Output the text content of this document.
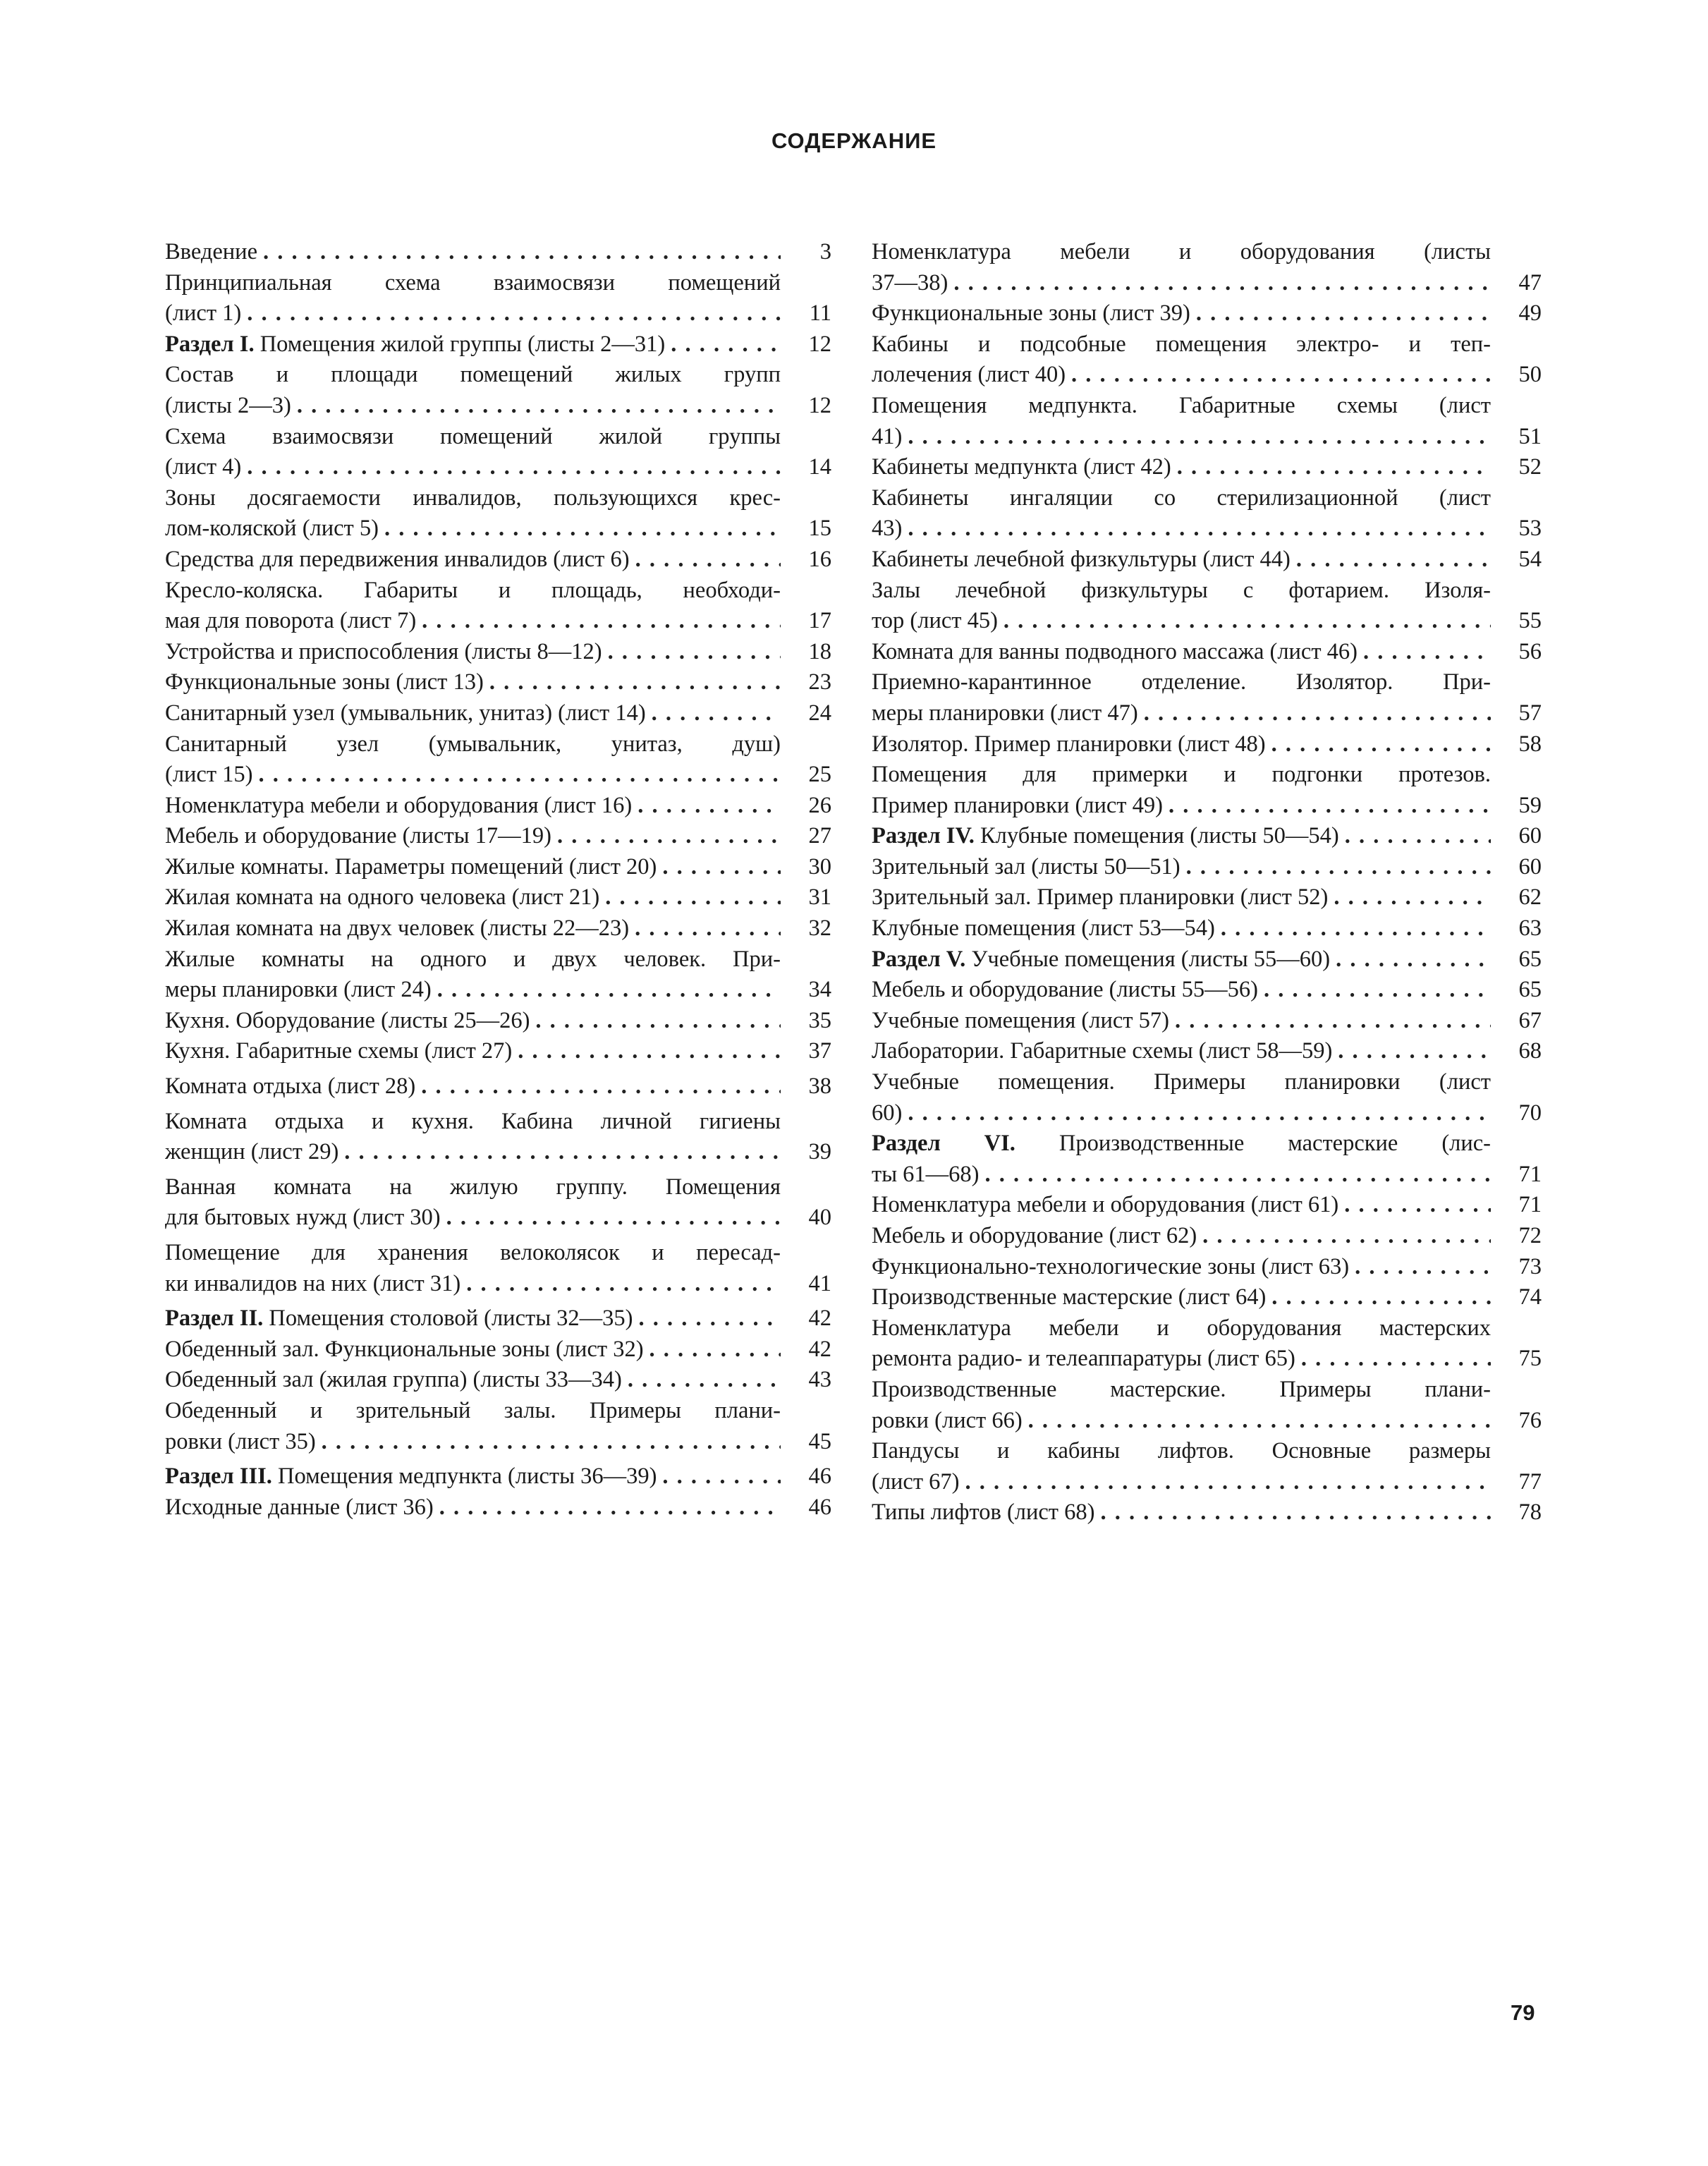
СОДЕРЖАНИЕ
Введение . . .	3
Принципиальная схема взаимосвязи помещений
(лист 1) . . .	11
Раздел I. Помещения жилой группы (листы 2—31) . . .	12
Состав и площади помещений жилых групп
(листы 2—3) . . .	12
Схема взаимосвязи помещений жилой группы
(лист 4) . . .	14
Зоны досягаемости инвалидов, пользующихся крес-
лом-коляской (лист 5) . . .	15
Средства для передвижения инвалидов (лист 6) . . .	16
Кресло-коляска. Габариты и площадь, необходи-
мая для поворота (лист 7) . . .	17
Устройства и приспособления (листы 8—12) . . .	18
Функциональные зоны (лист 13) . . .	23
Санитарный узел (умывальник, унитаз) (лист 14) . . .	24
Санитарный узел (умывальник, унитаз, душ)
(лист 15) . . .	25
Номенклатура мебели и оборудования (лист 16) . . .	26
Мебель и оборудование (листы 17—19) . . .	27
Жилые комнаты. Параметры помещений (лист 20) . . .	30
Жилая комната на одного человека (лист 21) . . .	31
Жилая комната на двух человек (листы 22—23) . . .	32
Жилые комнаты на одного и двух человек. При-
меры планировки (лист 24) . . .	34
Кухня. Оборудование (листы 25—26) . . .	35
Кухня. Габаритные схемы (лист 27) . . .	37
Комната отдыха (лист 28) . . .	38
Комната отдыха и кухня. Кабина личной гигиены
женщин (лист 29) . . .	39
Ванная комната на жилую группу. Помещения
для бытовых нужд (лист 30) . . .	40
Помещение для хранения велоколясок и пересад-
ки инвалидов на них (лист 31) . . .	41
Раздел II. Помещения столовой (листы 32—35) . . .	42
Обеденный зал. Функциональные зоны (лист 32) . . .	42
Обеденный зал (жилая группа) (листы 33—34) . . .	43
Обеденный и зрительный залы. Примеры плани-
ровки (лист 35) . . .	45
Раздел III. Помещения медпункта (листы 36—39) . . .	46
Исходные данные (лист 36) . . .	46
Номенклатура мебели и оборудования (листы
37—38) . . .	47
Функциональные зоны (лист 39) . . .	49
Кабины и подсобные помещения электро- и теп-
лолечения (лист 40) . . .	50
Помещения медпункта. Габаритные схемы (лист
41) . . .	51
Кабинеты медпункта (лист 42) . . .	52
Кабинеты ингаляции со стерилизационной (лист
43) . . .	53
Кабинеты лечебной физкультуры (лист 44) . . .	54
Залы лечебной физкультуры с фотарием. Изоля-
тор (лист 45) . . .	55
Комната для ванны подводного массажа (лист 46) . . .	56
Приемно-карантинное отделение. Изолятор. При-
меры планировки (лист 47) . . .	57
Изолятор. Пример планировки (лист 48) . . .	58
Помещения для примерки и подгонки протезов.
Пример планировки (лист 49) . . .	59
Раздел IV. Клубные помещения (листы 50—54) . . .	60
Зрительный зал (листы 50—51) . . .	60
Зрительный зал. Пример планировки (лист 52) . . .	62
Клубные помещения (лист 53—54) . . .	63
Раздел V. Учебные помещения (листы 55—60) . . .	65
Мебель и оборудование (листы 55—56) . . .	65
Учебные помещения (лист 57) . . .	67
Лаборатории. Габаритные схемы (лист 58—59) . . .	68
Учебные помещения. Примеры планировки (лист
60) . . .	70
Раздел VI. Производственные мастерские (лис-
ты 61—68) . . .	71
Номенклатура мебели и оборудования (лист 61) . . .	71
Мебель и оборудование (лист 62) . . .	72
Функционально-технологические зоны (лист 63) . . .	73
Производственные мастерские (лист 64) . . .	74
Номенклатура мебели и оборудования мастерских
ремонта радио- и телеаппаратуры (лист 65) . . .	75
Производственные мастерские. Примеры плани-
ровки (лист 66) . . .	76
Пандусы и кабины лифтов. Основные размеры
(лист 67) . . .	77
Типы лифтов (лист 68) . . .	78
79
